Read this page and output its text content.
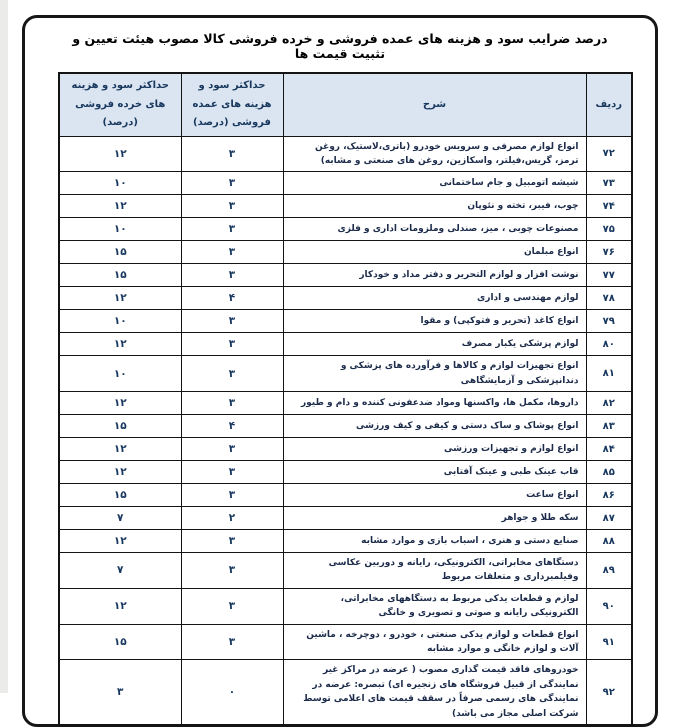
درصد ضرایب سود و هزینه های عمده فروشی و خرده فروشی کالا مصوب هیئت تعیین و تثبیت قیمت ها
ردیف	شرح	حداکثر سود و هزینه های عمده فروشی (درصد)	حداکثر سود و هزینه های خرده فروشی (درصد)
۷۲	انواع لوازم مصرفی و سرویس خودرو (باتری،لاستیک، روغن ترمز، گریس،فیلتر، واسکازین، روغن های صنعتی و مشابه)	۳	۱۲
۷۳	شیشه اتومبیل و جام ساختمانی	۳	۱۰
۷۴	چوب، فیبر، تخته و نئوپان	۳	۱۲
۷۵	مصنوعات چوبی ، میز، صندلی وملزومات اداری و فلزی	۳	۱۰
۷۶	انواع مبلمان	۳	۱۵
۷۷	نوشت افزار و لوازم التحریر و دفتر مداد و خودکار	۳	۱۵
۷۸	لوازم مهندسی و اداری	۴	۱۲
۷۹	انواع کاغذ (تحریر و فتوکپی) و مقوا	۳	۱۰
۸۰	لوازم پزشکی یکبار مصرف	۳	۱۲
۸۱	انواع تجهیزات لوازم و کالاها و فرآورده های پزشکی و دندانپزشکی و آزمایشگاهی	۳	۱۰
۸۲	داروها، مکمل ها، واکسنها ومواد ضدعفونی کننده و دام و طیور	۳	۱۲
۸۳	انواع پوشاک و ساک دستی و کیفی و کیف ورزشی	۴	۱۵
۸۴	انواع لوازم و تجهیزات ورزشی	۳	۱۲
۸۵	قاب عینک طبی و عینک آفتابی	۳	۱۲
۸۶	انواع ساعت	۳	۱۵
۸۷	سکه طلا و جواهر	۲	۷
۸۸	صنایع دستی و هنری ، اسباب بازی و موارد مشابه	۳	۱۲
۸۹	دستگاهای مخابراتی، الکترونیکی، رایانه و دوربین عکاسی وفیلمبرداری و متعلقات مربوط	۳	۷
۹۰	لوازم و قطعات یدکی مربوط به دستگاههای مخابراتی، الکترونیکی رایانه و صوتی و تصویری و خانگی	۳	۱۲
۹۱	انواع قطعات و لوازم یدکی صنعتی ، خودرو ، دوچرخه ، ماشین آلات و لوازم خانگی و موارد مشابه	۳	۱۵
۹۲	خودروهای فاقد قیمت گذاری مصوب ( عرضه در مراکز غیر نمایندگی از قبیل فروشگاه های زنجیره ای) تبصره: عرضه در نمایندگی های رسمی صرفاً در سقف قیمت های اعلامی توسط شرکت اصلی مجاز می باشد)	۰	۳
